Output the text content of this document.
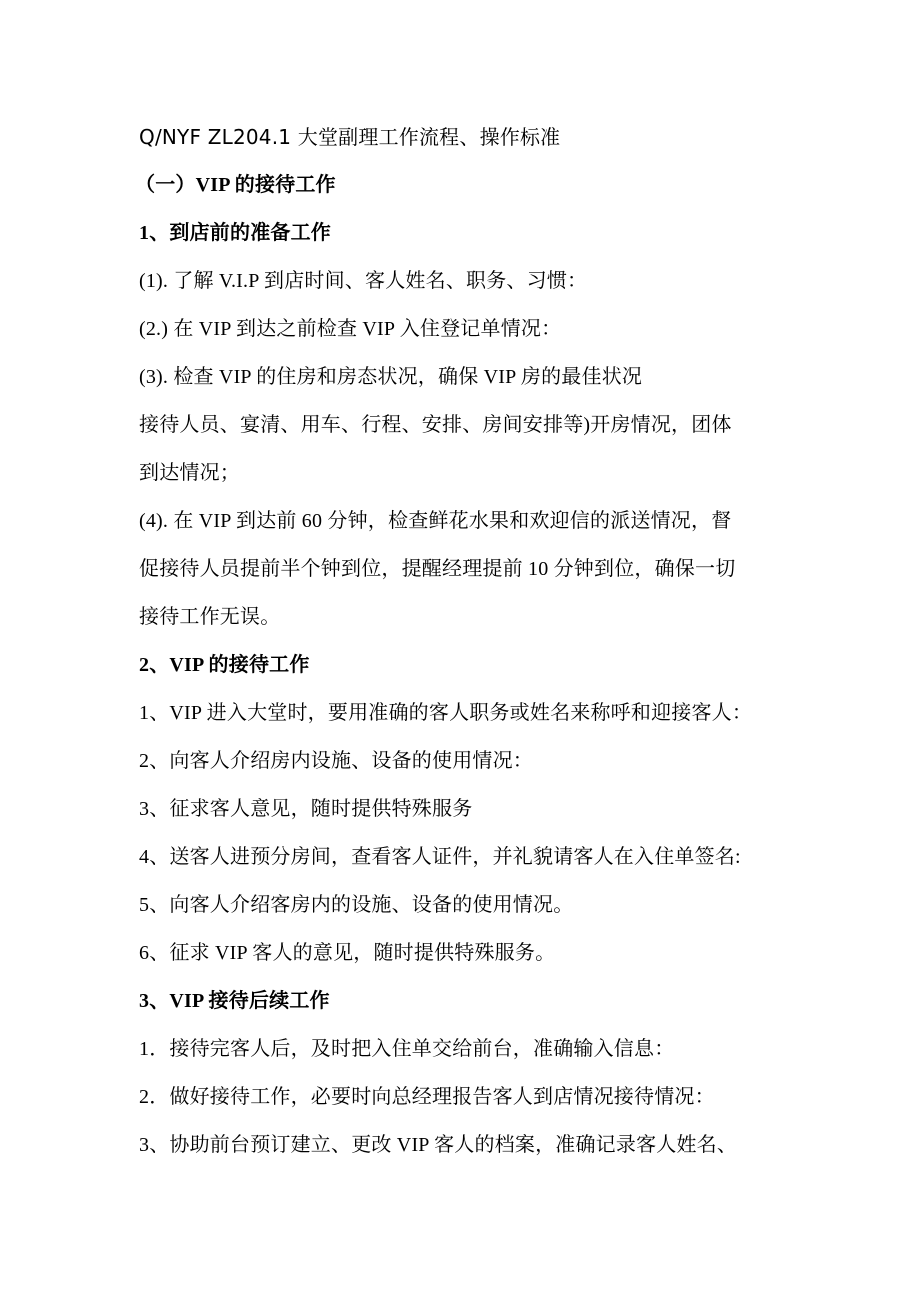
Q/NYF ZL204.1 大堂副理工作流程、操作标准
（一）VIP 的接待工作
1、到店前的准备工作

(1). 了解 V.I.P 到店时间、客人姓名、职务、习惯：

(2.) 在 VIP 到达之前检查 VIP 入住登记单情况：

(3). 检查 VIP 的住房和房态状况，确保 VIP 房的最佳状况

接待人员、宴清、用车、行程、安排、房间安排等)开房情况，团体

到达情况；

(4). 在 VIP 到达前 60 分钟，检查鲜花水果和欢迎信的派送情况，督

促接待人员提前半个钟到位，提醒经理提前 10 分钟到位，确保一切

接待工作无误。

2、VIP 的接待工作

1、VIP 进入大堂时，要用准确的客人职务或姓名来称呼和迎接客人：

2、向客人介绍房内设施、设备的使用情况：

3、征求客人意见，随时提供特殊服务

4、送客人进预分房间，查看客人证件，并礼貌请客人在入住单签名:

5、向客人介绍客房内的设施、设备的使用情况。

6、征求 VIP 客人的意见，随时提供特殊服务。

3、VIP 接待后续工作

1．接待完客人后，及时把入住单交给前台，准确输入信息：

2．做好接待工作，必要时向总经理报告客人到店情况接待情况：

3、协助前台预订建立、更改 VIP 客人的档案，准确记录客人姓名、
